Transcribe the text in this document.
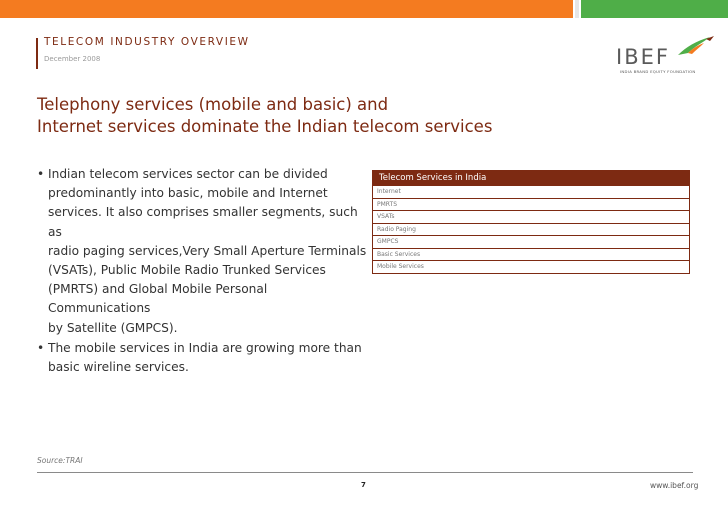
TELECOM INDUSTRY OVERVIEW
December 2008	IBEF
INDIA BRAND EQUITY FOUNDATION
Telephony services (mobile and basic) and
Internet services dominate the Indian telecom services
• Indian telecom services sector can be divided
predominantly into basic, mobile and Internet
services. It also comprises smaller segments, such as
radio paging services,Very Small Aperture Terminals
(VSATs), Public Mobile Radio Trunked Services
(PMRTS) and Global Mobile Personal Communications
by Satellite (GMPCS).
• The mobile services in India are growing more than
basic wireline services.
Telecom Services in India
Internet
PMRTS
VSATs
Radio Paging
GMPCS
Basic Services
Mobile Services
Source:TRAI
7	www.ibef.org
